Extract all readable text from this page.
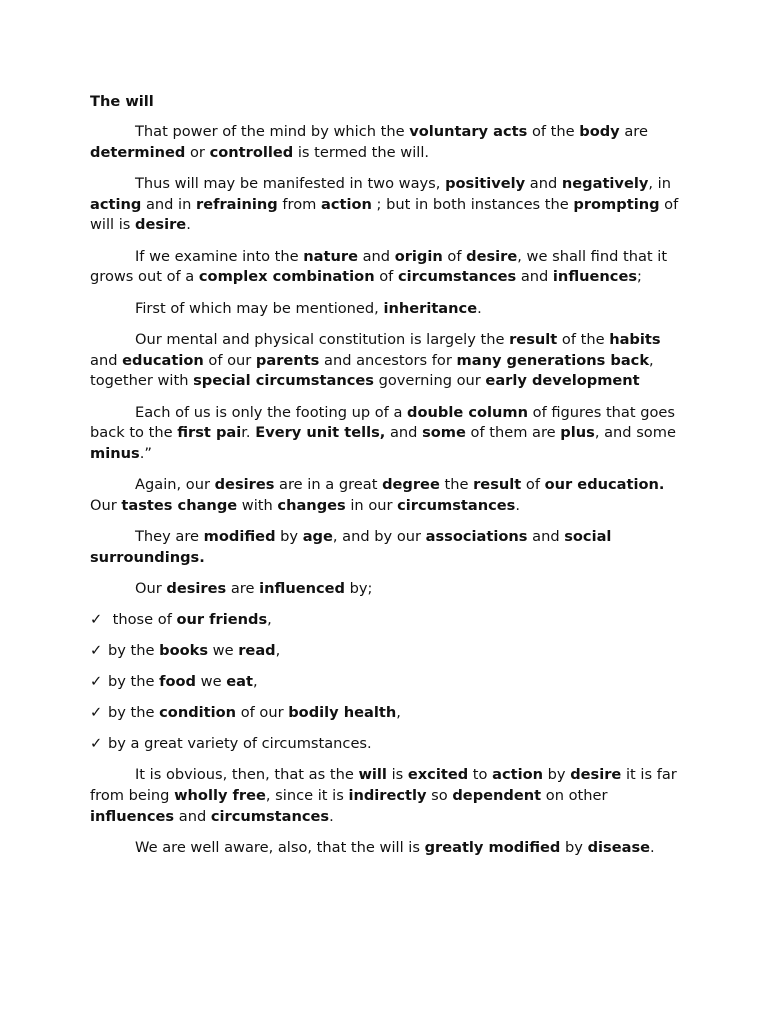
The will
That power of the mind by which the voluntary acts of the body are determined or controlled is termed the will.
Thus will may be manifested in two ways, positively and negatively, in acting and in refraining from action ; but in both instances the prompting of will is desire.
If we examine into the nature and origin of desire, we shall find that it grows out of a complex combination of circumstances and influences;
First of which may be mentioned, inheritance.
Our mental and physical constitution is largely the result of the habits and education of our parents and ancestors for many generations back, together with special circumstances governing our early development
Each of us is only the footing up of a double column of figures that goes back to the first pair. Every unit tells, and some of them are plus, and some minus.”
Again, our desires are in a great degree the result of our education. Our tastes change with changes in our circumstances.
They are modified by age, and by our associations and social surroundings.
Our desires are influenced by;
✓ those of our friends,
✓ by the books we read,
✓ by the food we eat,
✓ by the condition of our bodily health,
✓ by a great variety of circumstances.
It is obvious, then, that as the will is excited to action by desire it is far from being wholly free, since it is indirectly so dependent on other influences and circumstances.
We are well aware, also, that the will is greatly modified by disease.
